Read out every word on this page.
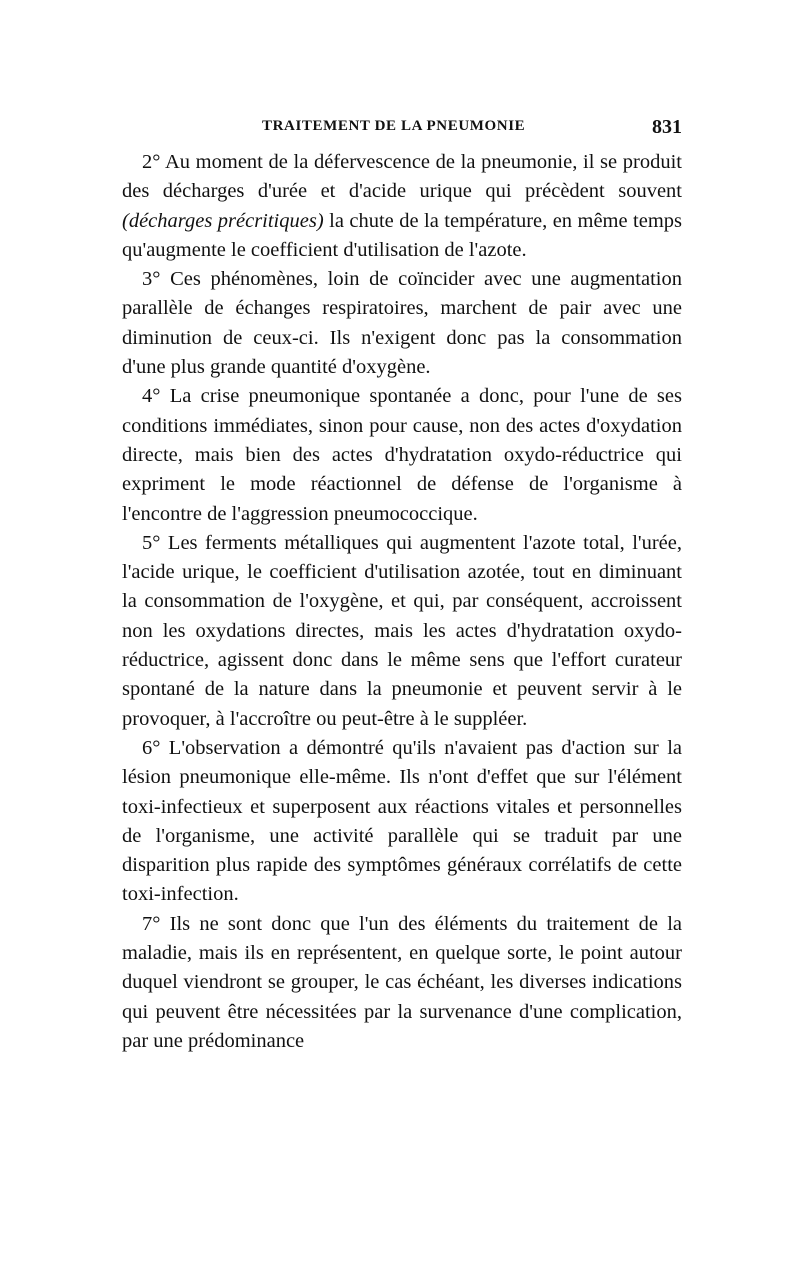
TRAITEMENT DE LA PNEUMONIE	831

2° Au moment de la défervescence de la pneumonie, il se produit des décharges d'urée et d'acide urique qui précèdent souvent (décharges précritiques) la chute de la température, en même temps qu'augmente le coefficient d'utilisation de l'azote.

3° Ces phénomènes, loin de coïncider avec une augmentation parallèle de échanges respiratoires, marchent de pair avec une diminution de ceux-ci. Ils n'exigent donc pas la consommation d'une plus grande quantité d'oxygène.

4° La crise pneumonique spontanée a donc, pour l'une de ses conditions immédiates, sinon pour cause, non des actes d'oxydation directe, mais bien des actes d'hydratation oxydo-réductrice qui expriment le mode réactionnel de défense de l'organisme à l'encontre de l'aggression pneumococcique.

5° Les ferments métalliques qui augmentent l'azote total, l'urée, l'acide urique, le coefficient d'utilisation azotée, tout en diminuant la consommation de l'oxygène, et qui, par conséquent, accroissent non les oxydations directes, mais les actes d'hydratation oxydo-réductrice, agissent donc dans le même sens que l'effort curateur spontané de la nature dans la pneumonie et peuvent servir à le provoquer, à l'accroître ou peut-être à le suppléer.

6° L'observation a démontré qu'ils n'avaient pas d'action sur la lésion pneumonique elle-même. Ils n'ont d'effet que sur l'élément toxi-infectieux et superposent aux réactions vitales et personnelles de l'organisme, une activité parallèle qui se traduit par une disparition plus rapide des symptômes généraux corrélatifs de cette toxi-infection.

7° Ils ne sont donc que l'un des éléments du traitement de la maladie, mais ils en représentent, en quelque sorte, le point autour duquel viendront se grouper, le cas échéant, les diverses indications qui peuvent être nécessitées par la survenance d'une complication, par une prédominance
